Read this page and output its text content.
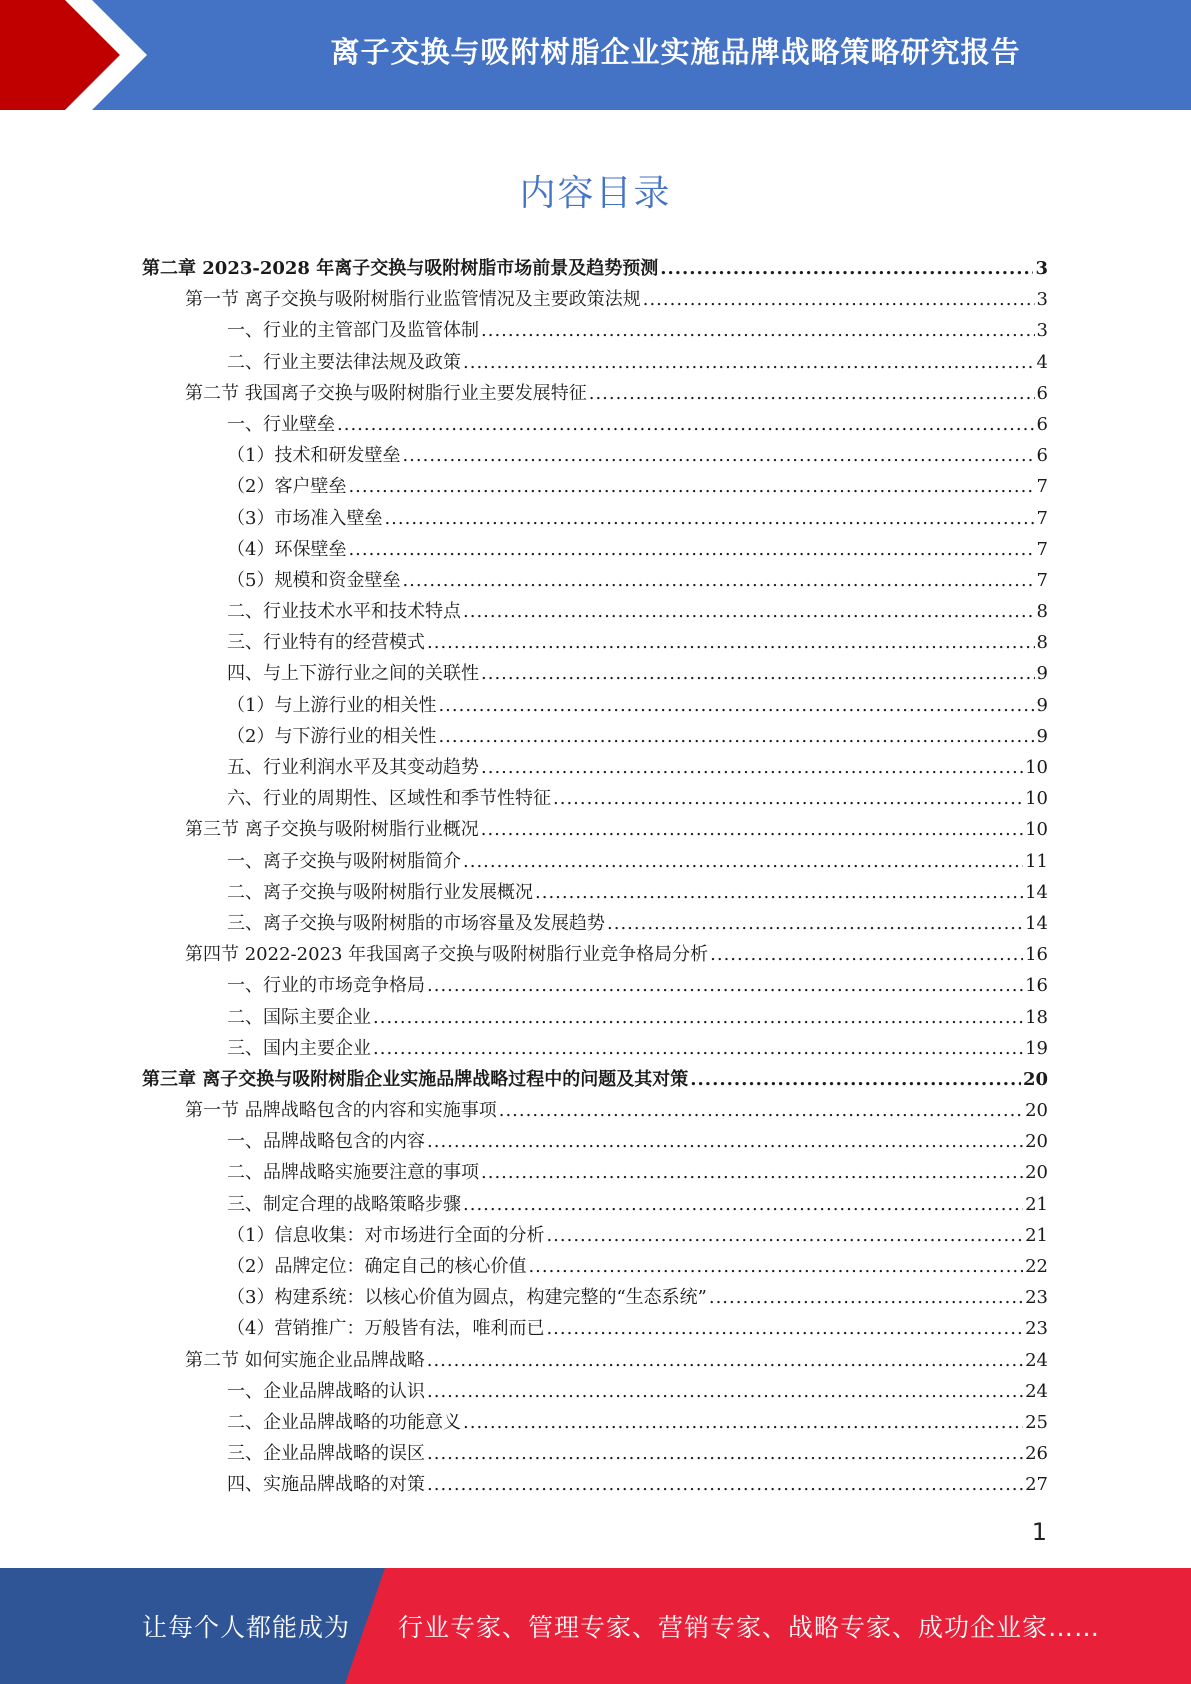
离子交换与吸附树脂企业实施品牌战略策略研究报告
内容目录
第二章 2023-2028 年离子交换与吸附树脂市场前景及趋势预测 .....	3
第一节 离子交换与吸附树脂行业监管情况及主要政策法规 .....	3
一、行业的主管部门及监管体制 .....	3
二、行业主要法律法规及政策 .....	4
第二节 我国离子交换与吸附树脂行业主要发展特征 .....	6
一、行业壁垒 .....	6
（1）技术和研发壁垒 .....	6
（2）客户壁垒 .....	7
（3）市场准入壁垒 .....	7
（4）环保壁垒 .....	7
（5）规模和资金壁垒 .....	7
二、行业技术水平和技术特点 .....	8
三、行业特有的经营模式 .....	8
四、与上下游行业之间的关联性 .....	9
（1）与上游行业的相关性 .....	9
（2）与下游行业的相关性 .....	9
五、行业利润水平及其变动趋势 .....	10
六、行业的周期性、区域性和季节性特征 .....	10
第三节 离子交换与吸附树脂行业概况 .....	10
一、离子交换与吸附树脂简介 .....	11
二、离子交换与吸附树脂行业发展概况 .....	14
三、离子交换与吸附树脂的市场容量及发展趋势 .....	14
第四节 2022-2023 年我国离子交换与吸附树脂行业竞争格局分析 .....	16
一、行业的市场竞争格局 .....	16
二、国际主要企业 .....	18
三、国内主要企业 .....	19
第三章 离子交换与吸附树脂企业实施品牌战略过程中的问题及其对策 .....	20
第一节 品牌战略包含的内容和实施事项 .....	20
一、品牌战略包含的内容 .....	20
二、品牌战略实施要注意的事项 .....	20
三、制定合理的战略策略步骤 .....	21
（1）信息收集：对市场进行全面的分析 .....	21
（2）品牌定位：确定自己的核心价值 .....	22
（3）构建系统：以核心价值为圆点，构建完整的“生态系统” .....	23
（4）营销推广：万般皆有法，唯利而已 .....	23
第二节 如何实施企业品牌战略 .....	24
一、企业品牌战略的认识 .....	24
二、企业品牌战略的功能意义 .....	25
三、企业品牌战略的误区 .....	26
四、实施品牌战略的对策 .....	27
1
让每个人都能成为 行业专家、管理专家、营销专家、战略专家、成功企业家……
